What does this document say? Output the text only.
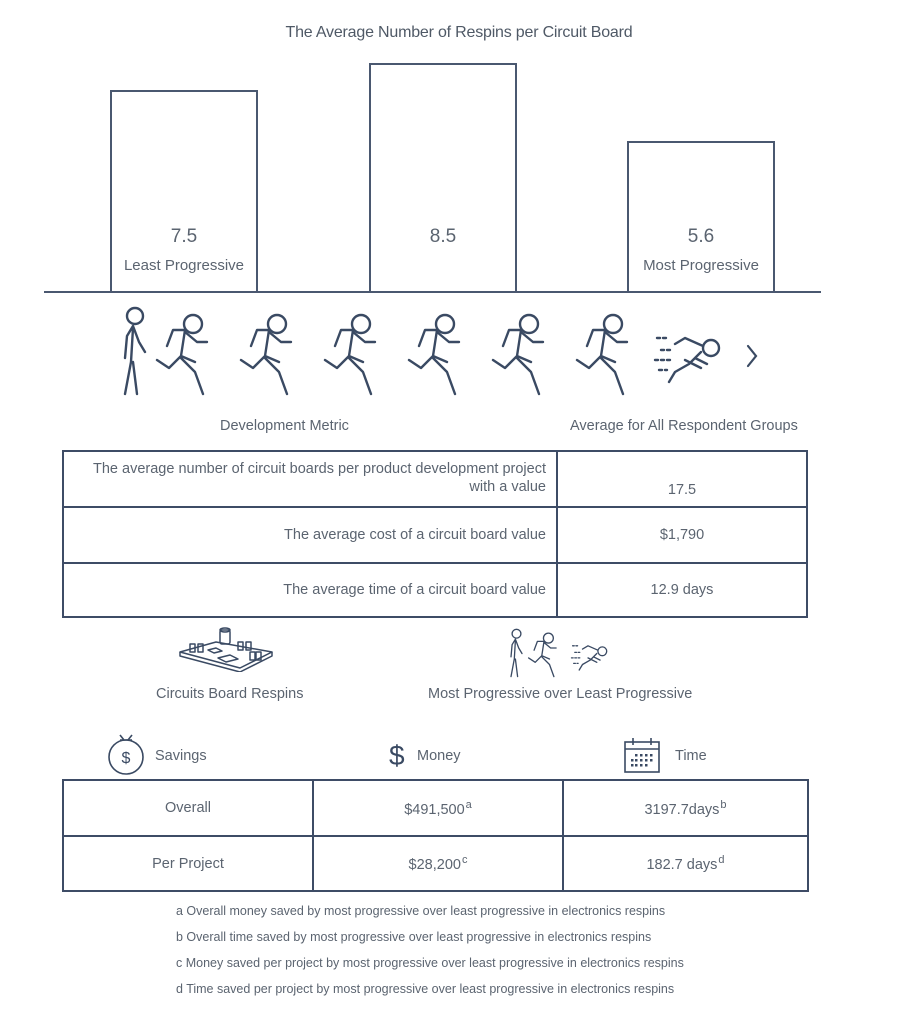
The Average Number of Respins per Circuit Board
7.5
Least Progressive
8.5	5.6
Most Progressive
Development Metric	Average for All Respondent Groups
The average number of circuit boards per product development project with a value	17.5
The average cost of a circuit board value	$1,790
The average time of a circuit board value	12.9 days
Circuits Board Respins	Most Progressive over Least Progressive
$ Savings	$ Money	Time
Overall	$491,500$^a$	3197.7days$^b$
Per Project	$28,200$^c$	182.7 days$^d$
a Overall money saved by most progressive over least progressive in electronics respins
b Overall time saved by most progressive over least progressive in electronics respins
c Money saved per project by most progressive over least progressive in electronics respins
d Time saved per project by most progressive over least progressive in electronics respins
